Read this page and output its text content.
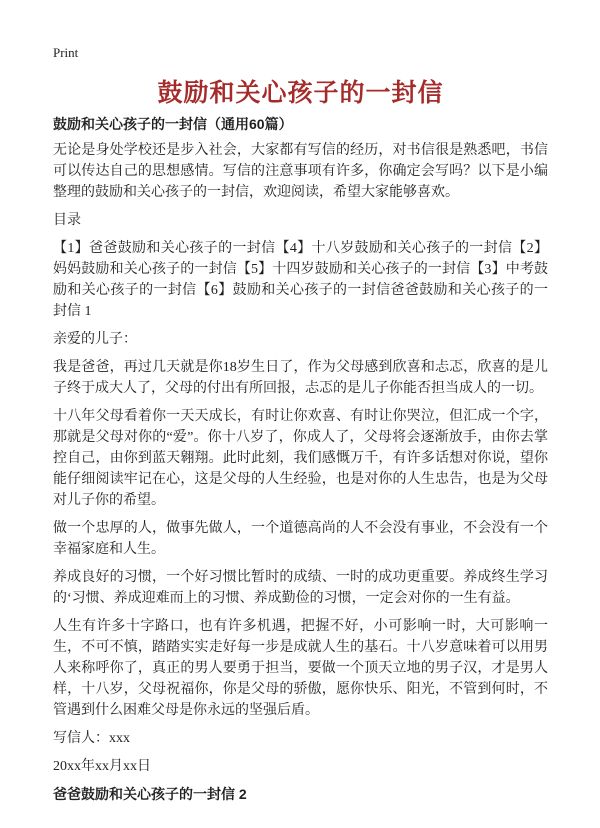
Print
鼓励和关心孩子的一封信
鼓励和关心孩子的一封信（通用60篇）

无论是身处学校还是步入社会，大家都有写信的经历，对书信很是熟悉吧，书信可以传达自己的思想感情。写信的注意事项有许多，你确定会写吗？以下是小编整理的鼓励和关心孩子的一封信，欢迎阅读，希望大家能够喜欢。

目录

【1】爸爸鼓励和关心孩子的一封信【4】十八岁鼓励和关心孩子的一封信【2】妈妈鼓励和关心孩子的一封信【5】十四岁鼓励和关心孩子的一封信【3】中考鼓励和关心孩子的一封信【6】鼓励和关心孩子的一封信爸爸鼓励和关心孩子的一封信 1

亲爱的儿子：

我是爸爸，再过几天就是你18岁生日了，作为父母感到欣喜和忐忑，欣喜的是儿子终于成大人了，父母的付出有所回报，忐忑的是儿子你能否担当成人的一切。

十八年父母看着你一天天成长，有时让你欢喜、有时让你哭泣，但汇成一个字，那就是父母对你的“爱”。你十八岁了，你成人了，父母将会逐渐放手，由你去掌控自己，由你到蓝天翱翔。此时此刻，我们感慨万千，有许多话想对你说，望你能仔细阅读牢记在心，这是父母的人生经验，也是对你的人生忠告，也是为父母对儿子你的希望。

做一个忠厚的人，做事先做人，一个道德高尚的人不会没有事业，不会没有一个幸福家庭和人生。

养成良好的习惯，一个好习惯比暂时的成绩、一时的成功更重要。养成终生学习的‘习惯、养成迎难而上的习惯、养成勤俭的习惯，一定会对你的一生有益。

人生有许多十字路口，也有许多机遇，把握不好，小可影响一时，大可影响一生，不可不慎，踏踏实实走好每一步是成就人生的基石。十八岁意味着可以用男人来称呼你了，真正的男人要勇于担当，要做一个顶天立地的男子汉，才是男人样，十八岁，父母祝福你，你是父母的骄傲，愿你快乐、阳光，不管到何时，不管遇到什么困难父母是你永远的坚强后盾。

写信人：xxx

20xx年xx月xx日

爸爸鼓励和关心孩子的一封信 2
